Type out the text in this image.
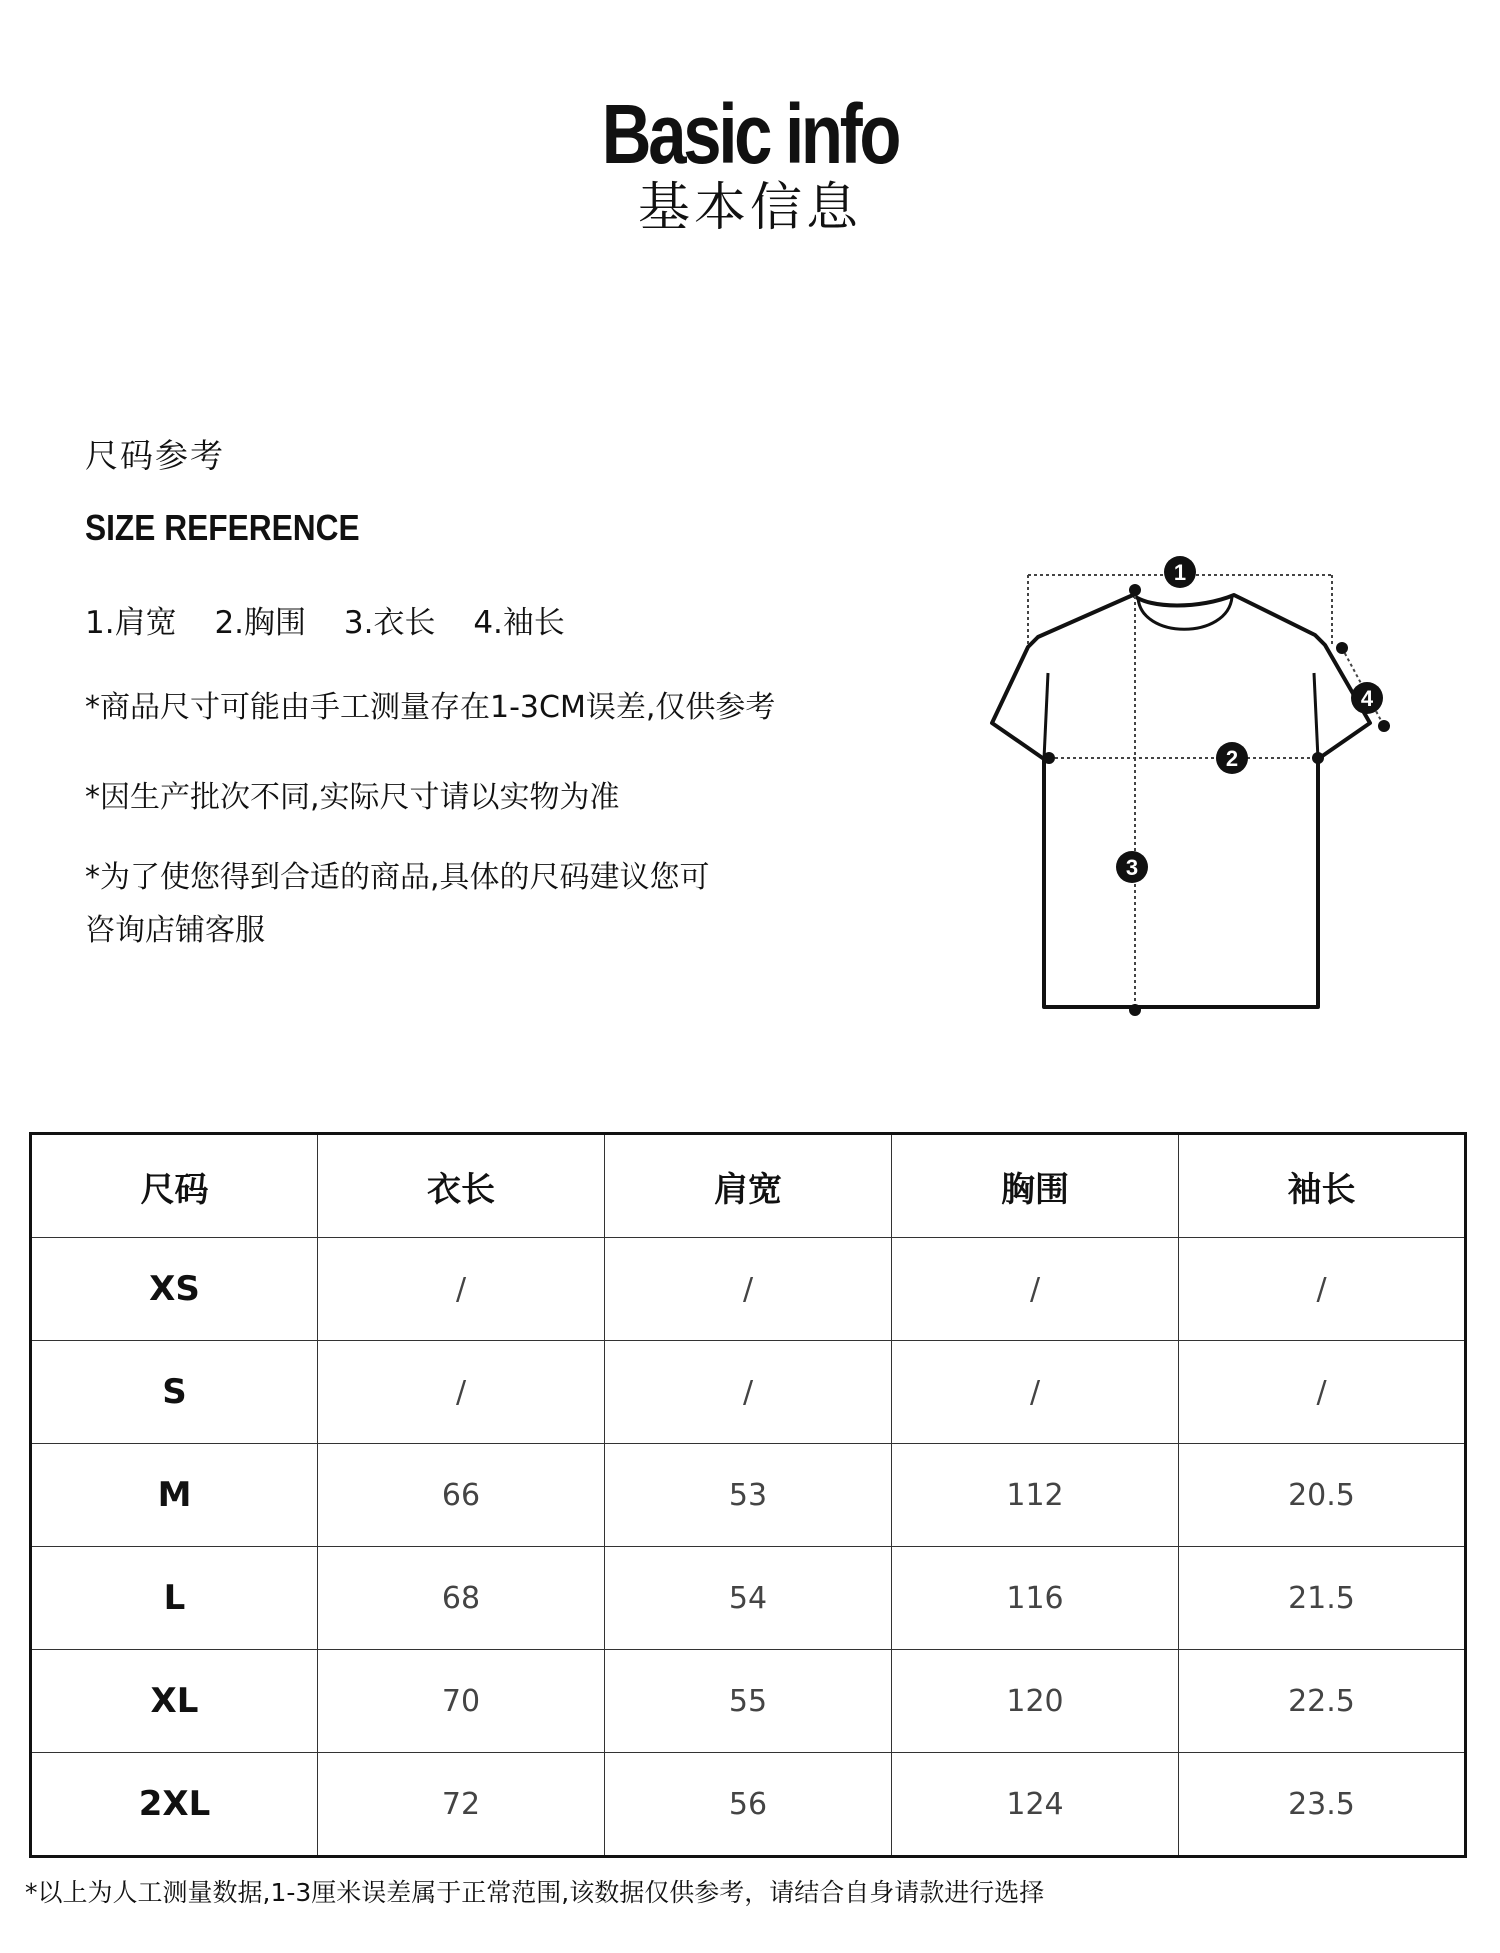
Basic info
基本信息
尺码参考
SIZE REFERENCE
1.肩宽 2.胸围 3.衣长 4.袖长
*商品尺寸可能由手工测量存在1-3CM误差,仅供参考
*因生产批次不同,实际尺寸请以实物为准
*为了使您得到合适的商品,具体的尺码建议您可
咨询店铺客服
1
2
3
4
尺码	衣长	肩宽	胸围	袖长
XS	/	/	/	/
S	/	/	/	/
M	66	53	112	20.5
L	68	54	116	21.5
XL	70	55	120	22.5
2XL	72	56	124	23.5
*以上为人工测量数据,1-3厘米误差属于正常范围,该数据仅供参考，请结合自身请款进行选择
